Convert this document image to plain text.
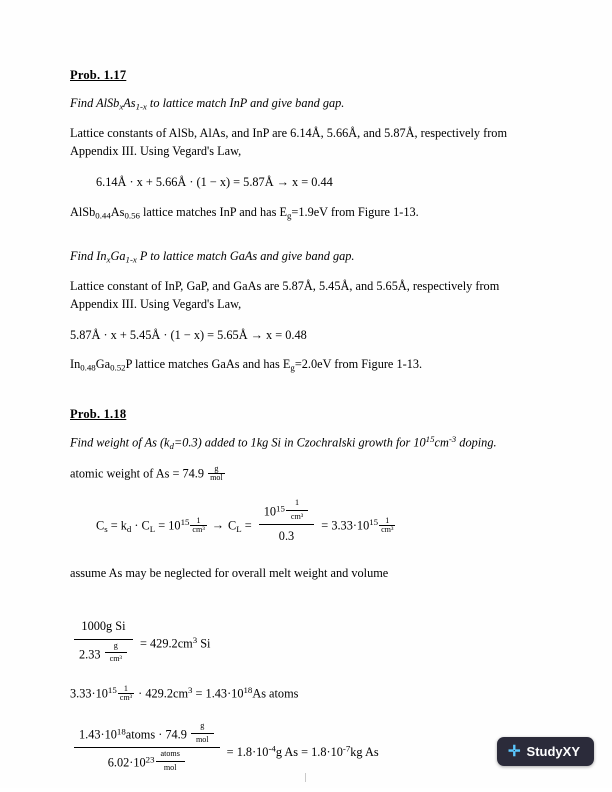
Prob. 1.17
Find $AlSb_xAs_{1-x}$ to lattice match InP and give band gap.
Lattice constants of AlSb, AlAs, and InP are 6.14Å, 5.66Å, and 5.87Å, respectively from Appendix III. Using Vegard's Law,
6.14Å · x + 5.66Å · (1 − x) = 5.87Å → x = 0.44
$AlSb_{0.44}As_{0.56}$ lattice matches InP and has $E_g=1.9eV$ from Figure 1-13.
Find $In_xGa_{1-x}$ P to lattice match GaAs and give band gap.
Lattice constant of InP, GaP, and GaAs are 5.87Å, 5.45Å, and 5.65Å, respectively from Appendix III. Using Vegard's Law,
5.87Å · x + 5.45Å · (1 − x) = 5.65Å → x = 0.48
$In_{0.48}Ga_{0.52}P$ lattice matches GaAs and has $E_g=2.0eV$ from Figure 1-13.
Prob. 1.18
Find weight of As $(k_d=0.3)$ added to 1kg Si in Czochralski growth for $10^{15}cm^{-3}$ doping.
atomic weight of $As = 74.9 \frac{g}{\text{mol}}$
$C_s = k_d \cdot C_L = 10^{15} \frac{1}{\text{cm³}} \to C_L = \frac{10^{15} \frac{1}{\text{cm³}}}{0.3} = 3.33\cdot 10^{15} \frac{1}{\text{cm³}}$
assume As may be neglected for overall melt weight and volume
$\frac{\text{1000g Si}}{2.33 \frac{g}{\text{cm³}}} = 429.2cm^3$ Si
$3.33\cdot 10^{15} \frac{1}{\text{cm³}} \cdot 429.2cm^3 = 1.43\cdot 10^{18}As$ atoms
$\frac{1.43\cdot 10^{18}atoms \cdot 74.9 \frac{g}{\text{mol}}}{6.02\cdot 10^{23} \frac{\text{atoms}}{\text{mol}}} = 1.8\cdot 10^{-4}g$ $As = 1.8\cdot 10^{-7}kg$ As	✛ StudyXY
